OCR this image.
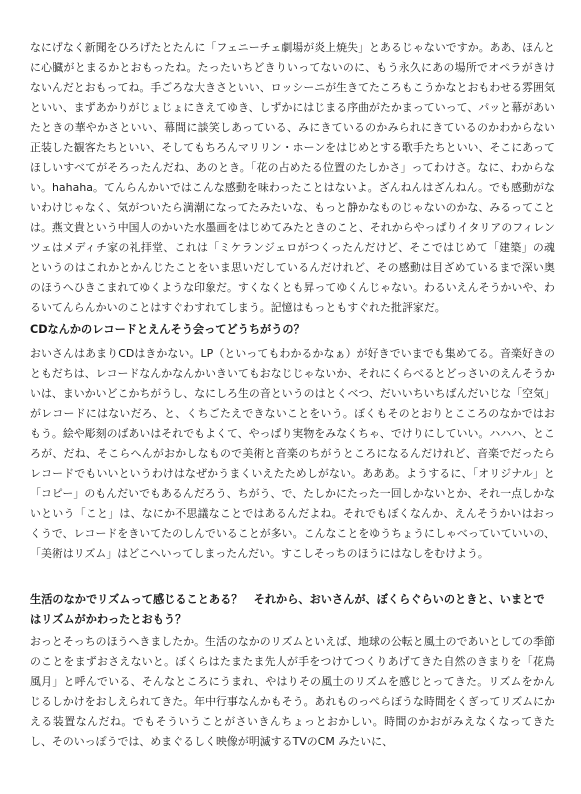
なにげなく新聞をひろげたとたんに「フェニーチェ劇場が炎上焼失」とあるじゃないですか。ああ、ほんとに心臓がとまるかとおもったね。たったいちどきりいってないのに、もう永久にあの場所でオペラがきけないんだとおもってね。手ごろな大きさといい、ロッシーニが生きてたころもこうかなとおもわせる雰囲気といい、まずあかりがじょじょにきえてゆき、しずかにはじまる序曲がたかまっていって、パッと幕があいたときの華やかさといい、幕間に談笑しあっている、みにきているのかみられにきているのかわからない正装した観客たちといい、そしてもちろんマリリン・ホーンをはじめとする歌手たちといい、そこにあってほしいすべてがそろったんだね、あのとき。「花の占めたる位置のたしかさ」ってわけさ。なに、わからない。hahaha。てんらんかいではこんな感動を味わったことはないよ。ざんねんはざんねん。でも感動がないわけじゃなく、気がついたら満潮になってたみたいな、もっと静かなものじゃないのかな、みるってことは。燕文貴という中国人のかいた水墨画をはじめてみたときのこと、それからやっぱりイタリアのフィレンツェはメディチ家の礼拝堂、これは「ミケランジェロがつくったんだけど、そこではじめて「建築」の魂 というのはこれかとかんじたことをいま思いだしているんだけれど、その感動は目ざめているまで深い奥のほうへひきこまれてゆくような印象だ。すくなくとも昇ってゆくんじゃない。わるいえんそうかいや、わるいてんらんかいのことはすぐわすれてしまう。記憶はもっともすぐれた批評家だ。

CDなんかのレコードとえんそう会ってどうちがうの？

おいさんはあまりCDはきかない。LP（といってもわかるかなぁ）が好きでいまでも集めてる。音楽好きのともだちは、レコードなんかなんかいきいてもおなじじゃないか、それにくらべるとどっさいのえんそうかいは、まいかいどこかちがうし、なにしろ生の音というのはとくべつ、だいいちいちばんだいじな「空気」がレコードにはないだろ、と、くちごたえできないことをいう。ぼくもそのとおりとこころのなかではおもう。絵や彫刻のばあいはそれでもよくて、やっぱり実物をみなくちゃ、でけりにしていい。ハハハ、ところが、だね、そこらへんがおかしなもので美術と音楽のちがうところになるんだけれど、音楽でだったらレコードでもいいというわけはなぜかうまくいえたためしがない。あああ。ようするに、「オリジナル」と「コピー」のもんだいでもあるんだろう、ちがう、で、たしかにたった一回しかないとか、それ一点しかないという「こと」は、なにか不思議なことではあるんだよね。それでもぼくなんか、えんそうかいはおっくうで、レコードをきいてたのしんでいることが多い。こんなことをゆうちょうにしゃべっていていいの、「美術はリズム」はどこへいってしまったんだい。すこしそっちのほうにはなしをむけよう。

生活のなかでリズムって感じることある？　それから、おいさんが、ぼくらぐらいのときと、いまとではリズムがかわったとおもう？

おっとそっちのほうへきましたか。生活のなかのリズムといえば、地球の公転と風土のであいとしての季節のことをまずおさえないと。ぼくらはたまたま先人が手をつけてつくりあげてきた自然のきまりを「花鳥風月」と呼んでいる、そんなところにうまれ、やはりその風土のリズムを感じとってきた。リズムをかんじるしかけをおしえられてきた。年中行事なんかもそう。あれものっぺらぼうな時間をくぎってリズムにかえる装置なんだね。でもそういうことがさいきんちょっとおかしい。時間のかおがみえなくなってきたし、そのいっぽうでは、めまぐるしく映像が明滅するTVのCM みたいに、
